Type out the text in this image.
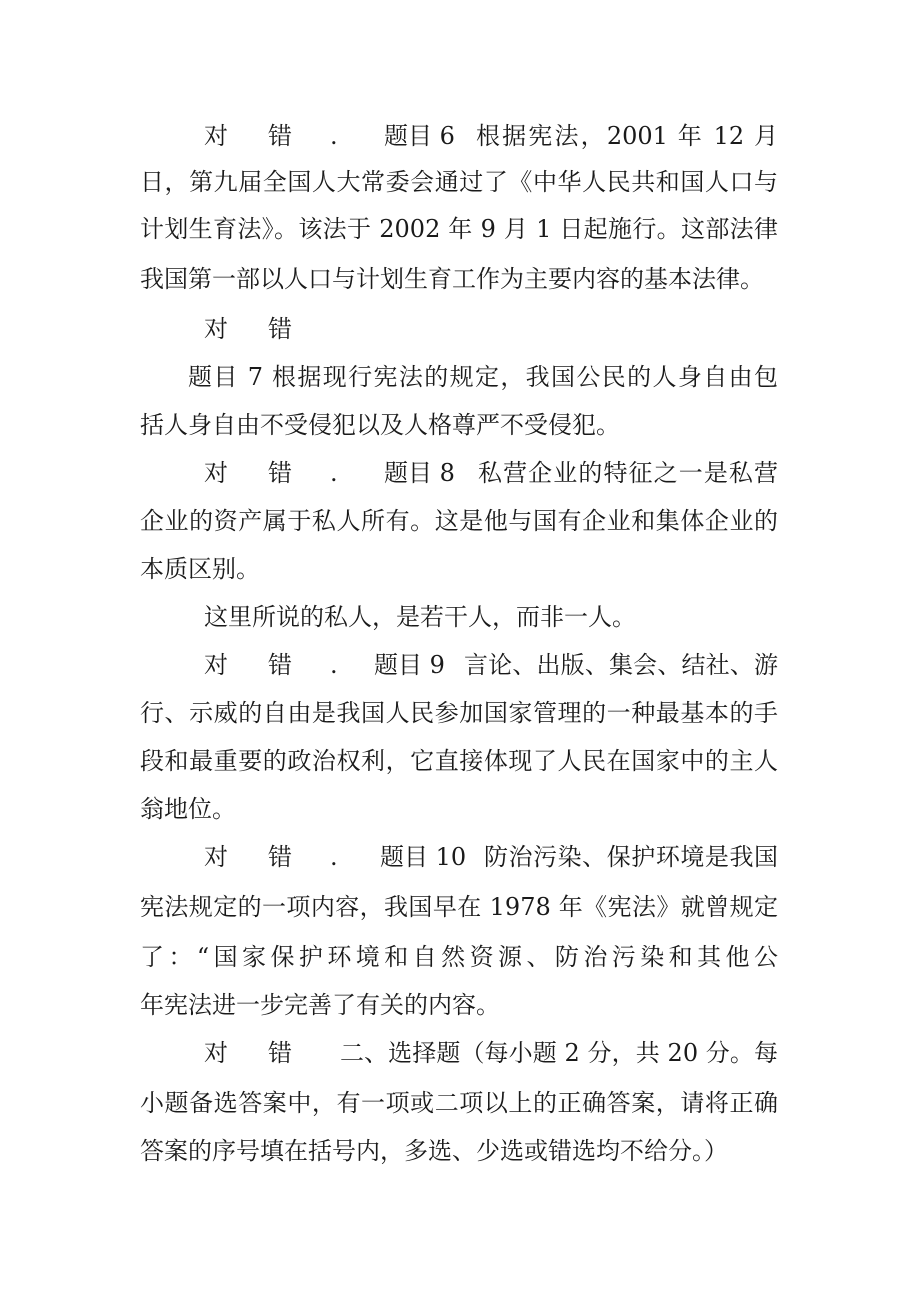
对 错 . 题目 6 根据宪法，2001 年 12 月
日，第九届全国人大常委会通过了《中华人民共和国人口与
计划生育法》。该法于 2002 年 9 月 1 日起施行。这部法律
我国第一部以人口与计划生育工作为主要内容的基本法律。
对 错
题目 7 根据现行宪法的规定，我国公民的人身自由包
括人身自由不受侵犯以及人格尊严不受侵犯。
对 错 . 题目 8 私营企业的特征之一是私营
企业的资产属于私人所有。这是他与国有企业和集体企业的
本质区别。
这里所说的私人，是若干人，而非一人。
对 错 . 题目 9 言论、出版、集会、结社、游
行、示威的自由是我国人民参加国家管理的一种最基本的手
段和最重要的政治权利，它直接体现了人民在国家中的主人
翁地位。
对 错 . 题目 10 防治污染、保护环境是我国
宪法规定的一项内容，我国早在 1978 年《宪法》就曾规定
了：“国家保护环境和自然资源、防治污染和其他公
年宪法进一步完善了有关的内容。
对 错 二、选择题（每小题 2 分，共 20 分。每
小题备选答案中，有一项或二项以上的正确答案，请将正确
答案的序号填在括号内，多选、少选或错选均不给分。）
